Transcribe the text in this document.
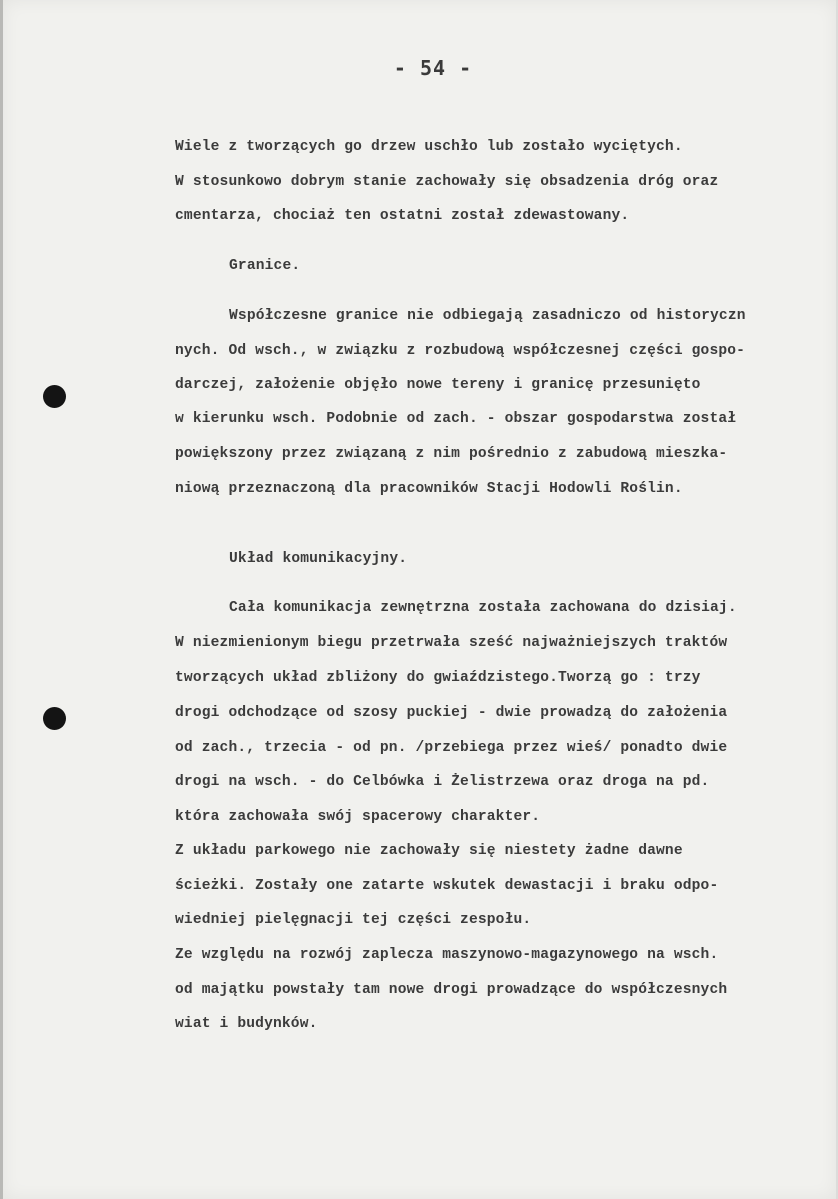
- 54 -
Wiele z tworzących go drzew uschło lub zostało wyciętych.
W stosunkowo dobrym stanie zachowały się obsadzenia dróg oraz
cmentarza, chociaż ten ostatni został zdewastowany.
Granice.
Współczesne granice nie odbiegają zasadniczo od historyczn
nych. Od wsch., w związku z rozbudową współczesnej części gospo-
darczej, założenie objęło nowe tereny i granicę przesunięto
w kierunku wsch. Podobnie od zach. - obszar gospodarstwa został
powiększony przez związaną z nim pośrednio z zabudową mieszka-
niową przeznaczoną dla pracowników Stacji Hodowli Roślin.
Układ komunikacyjny.
Cała komunikacja zewnętrzna została zachowana do dzisiaj.
W niezmienionym biegu przetrwała sześć najważniejszych traktów
tworzących układ zbliżony do gwiaździstego.Tworzą go : trzy
drogi odchodzące od szosy puckiej - dwie prowadzą do założenia
od zach., trzecia - od pn. /przebiega przez wieś/ ponadto dwie
drogi na wsch. - do Celbówka i Żelistrzewa oraz droga na pd.
która zachowała swój spacerowy charakter.
Z układu parkowego nie zachowały się niestety żadne dawne
ścieżki. Zostały one zatarte wskutek dewastacji i braku odpo-
wiedniej pielęgnacji tej części zespołu.
Ze względu na rozwój zaplecza maszynowo-magazynowego na wsch.
od majątku powstały tam nowe drogi prowadzące do współczesnych
wiat i budynków.
